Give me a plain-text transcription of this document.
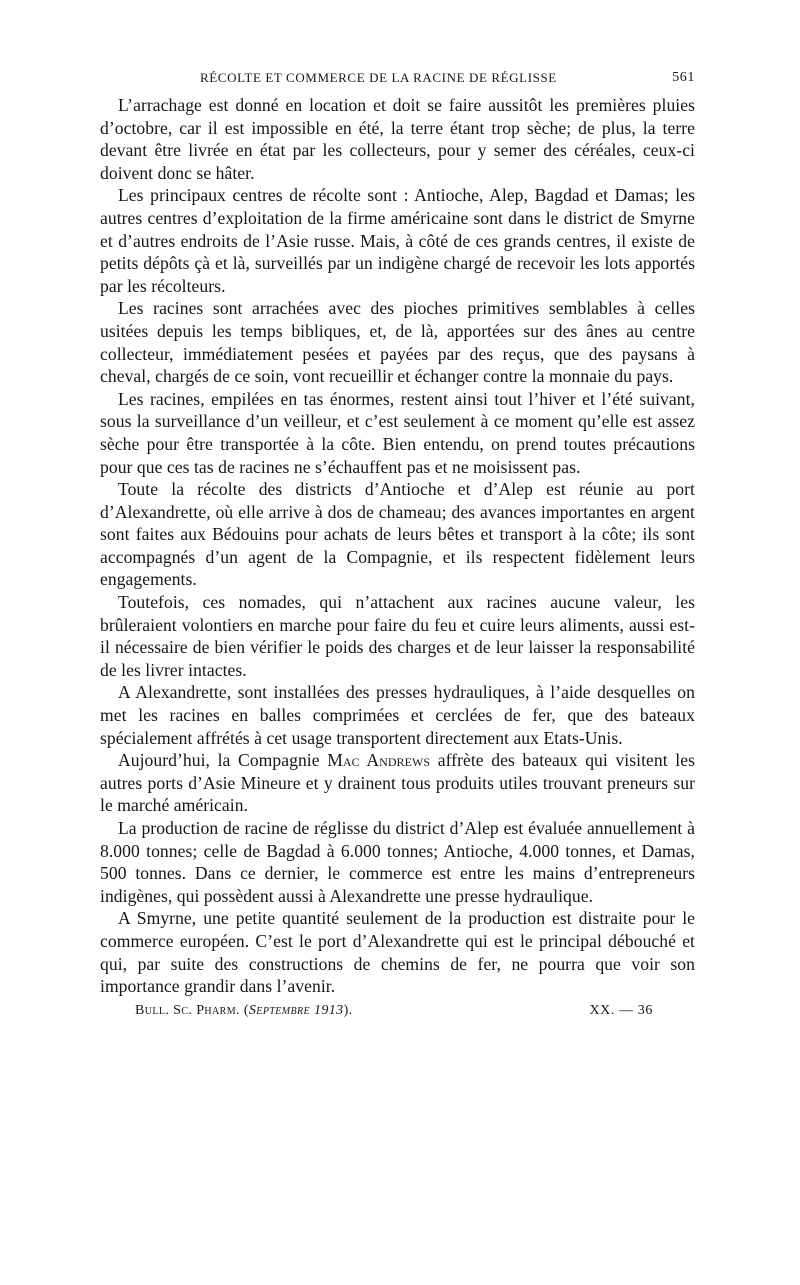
RÉCOLTE ET COMMERCE DE LA RACINE DE RÉGLISSE	561

L’arrachage est donné en location et doit se faire aussitôt les premières pluies d’octobre, car il est impossible en été, la terre étant trop sèche; de plus, la terre devant être livrée en état par les collecteurs, pour y semer des céréales, ceux-ci doivent donc se hâter.

Les principaux centres de récolte sont : Antioche, Alep, Bagdad et Damas; les autres centres d’exploitation de la firme américaine sont dans le district de Smyrne et d’autres endroits de l’Asie russe. Mais, à côté de ces grands centres, il existe de petits dépôts çà et là, surveillés par un indigène chargé de recevoir les lots apportés par les récolteurs.

Les racines sont arrachées avec des pioches primitives semblables à celles usitées depuis les temps bibliques, et, de là, apportées sur des ânes au centre collecteur, immédiatement pesées et payées par des reçus, que des paysans à cheval, chargés de ce soin, vont recueillir et échanger contre la monnaie du pays.

Les racines, empilées en tas énormes, restent ainsi tout l’hiver et l’été suivant, sous la surveillance d’un veilleur, et c’est seulement à ce moment qu’elle est assez sèche pour être transportée à la côte. Bien entendu, on prend toutes précautions pour que ces tas de racines ne s’échauffent pas et ne moisissent pas.

Toute la récolte des districts d’Antioche et d’Alep est réunie au port d’Alexandrette, où elle arrive à dos de chameau; des avances importantes en argent sont faites aux Bédouins pour achats de leurs bêtes et transport à la côte; ils sont accompagnés d’un agent de la Compagnie, et ils respectent fidèlement leurs engagements.

Toutefois, ces nomades, qui n’attachent aux racines aucune valeur, les brûleraient volontiers en marche pour faire du feu et cuire leurs aliments, aussi est-il nécessaire de bien vérifier le poids des charges et de leur laisser la responsabilité de les livrer intactes.

A Alexandrette, sont installées des presses hydrauliques, à l’aide desquelles on met les racines en balles comprimées et cerclées de fer, que des bateaux spécialement affrétés à cet usage transportent directement aux Etats-Unis.

Aujourd’hui, la Compagnie Mac Andrews affrète des bateaux qui visitent les autres ports d’Asie Mineure et y drainent tous produits utiles trouvant preneurs sur le marché américain.

La production de racine de réglisse du district d’Alep est évaluée annuellement à 8.000 tonnes; celle de Bagdad à 6.000 tonnes; Antioche, 4.000 tonnes, et Damas, 500 tonnes. Dans ce dernier, le commerce est entre les mains d’entrepreneurs indigènes, qui possèdent aussi à Alexandrette une presse hydraulique.

A Smyrne, une petite quantité seulement de la production est distraite pour le commerce européen. C’est le port d’Alexandrette qui est le principal débouché et qui, par suite des constructions de chemins de fer, ne pourra que voir son importance grandir dans l’avenir.

Bull. Sc. Pharm. (Septembre 1913).	XX. — 36
